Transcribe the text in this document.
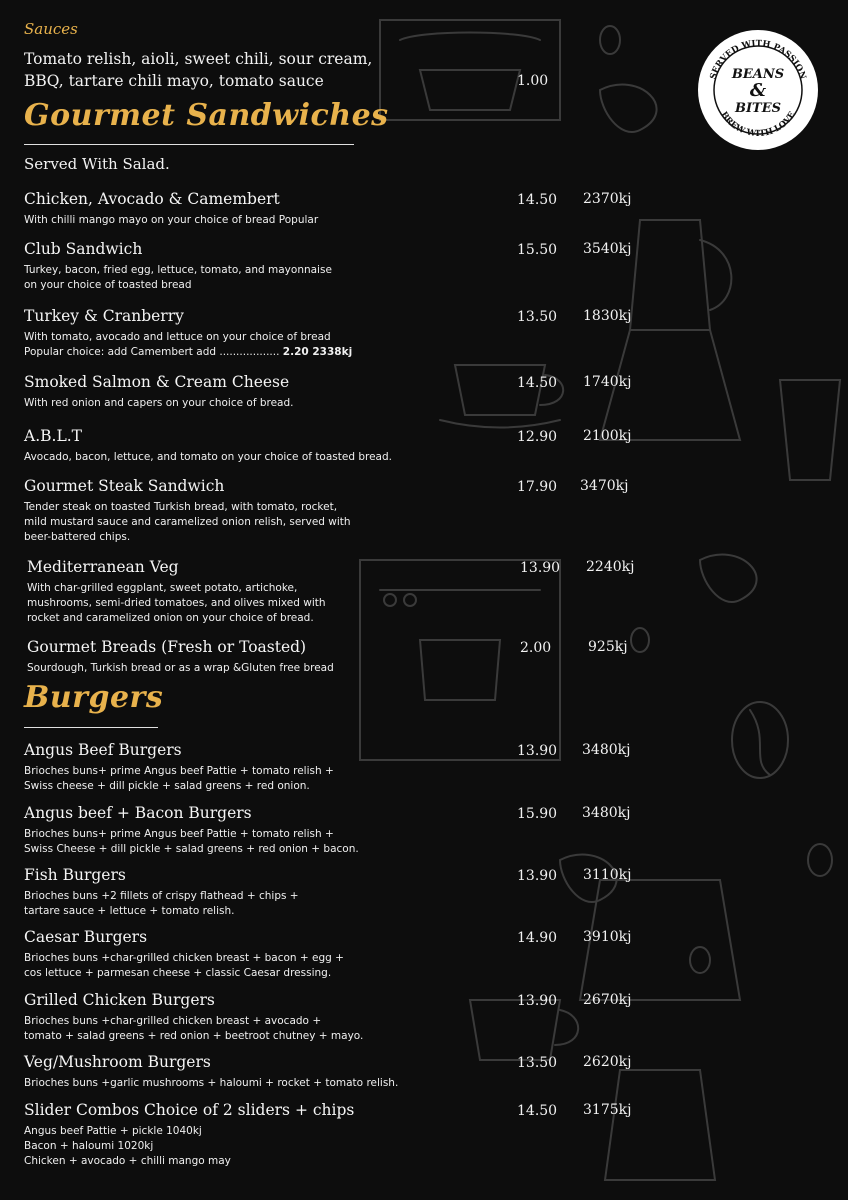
Sauces
Tomato relish, aioli, sweet chili, sour cream,
BBQ, tartare chili mayo, tomato sauce	1.00	SERVED WITH PASSION
BREW WITH LOVE
BEANS
&
BITES
Gourmet Sandwiches
Served With Salad.
Chicken, Avocado & Camembert	14.50 2370kj
With chilli mango mayo on your choice of bread Popular
Club Sandwich	15.50 3540kj
Turkey, bacon, fried egg, lettuce, tomato, and mayonnaise
on your choice of toasted bread
Turkey & Cranberry	13.50 1830kj
With tomato, avocado and lettuce on your choice of bread
Popular choice: add Camembert add .................. 2.20 2338kj
Smoked Salmon & Cream Cheese	14.50 1740kj
With red onion and capers on your choice of bread.
A.B.L.T	12.90 2100kj
Avocado, bacon, lettuce, and tomato on your choice of toasted bread.
Gourmet Steak Sandwich	17.90 3470kj
Tender steak on toasted Turkish bread, with tomato, rocket,
mild mustard sauce and caramelized onion relish, served with
beer-battered chips.
Mediterranean Veg	13.90 2240kj
With char-grilled eggplant, sweet potato, artichoke,
mushrooms, semi-dried tomatoes, and olives mixed with
rocket and caramelized onion on your choice of bread.
Gourmet Breads (Fresh or Toasted)	2.00	925kj
Sourdough, Turkish bread or as a wrap &Gluten free bread
Burgers
Angus Beef Burgers	13.90 3480kj
Brioches buns+ prime Angus beef Pattie + tomato relish +
Swiss cheese + dill pickle + salad greens + red onion.
Angus beef + Bacon Burgers	15.90 3480kj
Brioches buns+ prime Angus beef Pattie + tomato relish +
Swiss Cheese + dill pickle + salad greens + red onion + bacon.
Fish Burgers	13.90 3110kj
Brioches buns +2 fillets of crispy flathead + chips +
tartare sauce + lettuce + tomato relish.
Caesar Burgers	14.90 3910kj
Brioches buns +char-grilled chicken breast + bacon + egg +
cos lettuce + parmesan cheese + classic Caesar dressing.
Grilled Chicken Burgers	13.90 2670kj
Brioches buns +char-grilled chicken breast + avocado +
tomato + salad greens + red onion + beetroot chutney + mayo.
Veg/Mushroom Burgers	13.50 2620kj
Brioches buns +garlic mushrooms + haloumi + rocket + tomato relish.
Slider Combos Choice of 2 sliders + chips	14.50 3175kj
Angus beef Pattie + pickle 1040kj
Bacon + haloumi 1020kj
Chicken + avocado + chilli mango may
